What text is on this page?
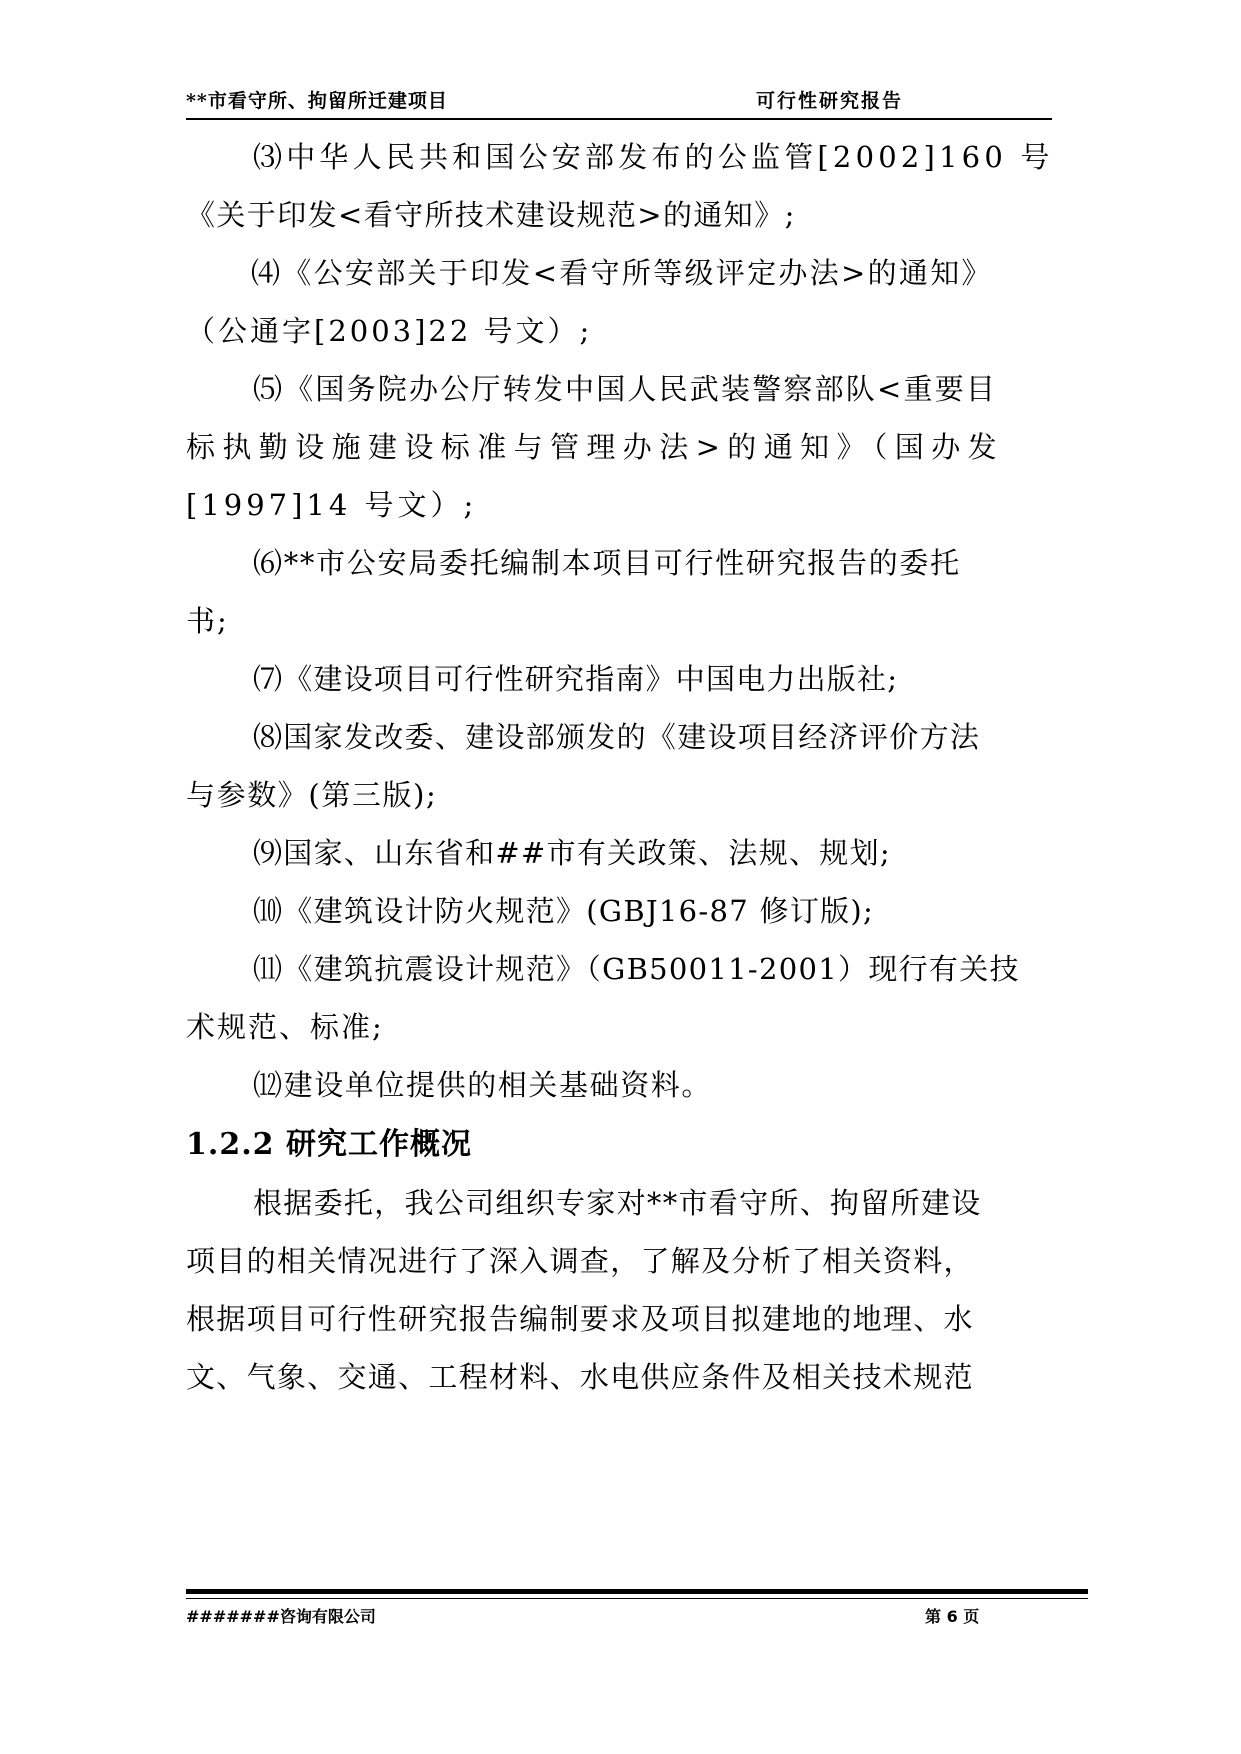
**市看守所、拘留所迁建项目	可行性研究报告
⑶中华人民共和国公安部发布的公监管[2002]160 号
《关于印发<看守所技术建设规范>的通知》;
⑷《公安部关于印发<看守所等级评定办法>的通知》
（公通字[2003]22 号文）;
⑸《国务院办公厅转发中国人民武装警察部队<重要目
标执勤设施建设标准与管理办法>的通知》（国办发
[1997]14 号文）;
⑹**市公安局委托编制本项目可行性研究报告的委托
书;
⑺《建设项目可行性研究指南》中国电力出版社;
⑻国家发改委、建设部颁发的《建设项目经济评价方法
与参数》(第三版);
⑼国家、山东省和##市有关政策、法规、规划;
⑽《建筑设计防火规范》(GBJ16-87 修订版);
⑾《建筑抗震设计规范》（GB50011-2001）现行有关技
术规范、标准;
⑿建设单位提供的相关基础资料。
1.2.2 研究工作概况
根据委托，我公司组织专家对**市看守所、拘留所建设
项目的相关情况进行了深入调查，了解及分析了相关资料，
根据项目可行性研究报告编制要求及项目拟建地的地理、水
文、气象、交通、工程材料、水电供应条件及相关技术规范
#######咨询有限公司	第 6 页
